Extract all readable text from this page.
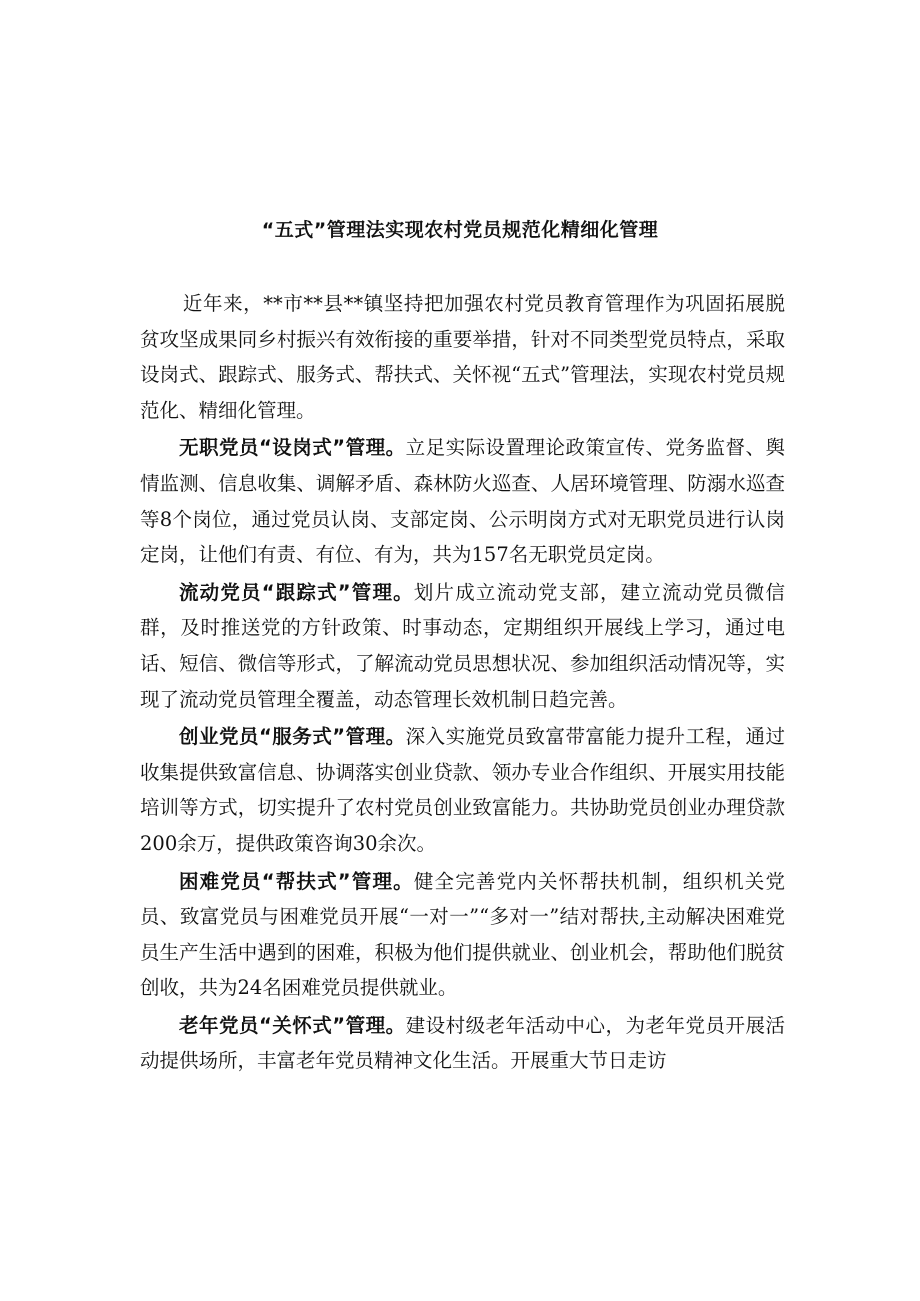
“五式”管理法实现农村党员规范化精细化管理

近年来，**市**县**镇坚持把加强农村党员教育管理作为巩固拓展脱贫攻坚成果同乡村振兴有效衔接的重要举措，针对不同类型党员特点，采取设岗式、跟踪式、服务式、帮扶式、关怀视“五式”管理法，实现农村党员规范化、精细化管理。

无职党员“设岗式”管理。立足实际设置理论政策宣传、党务监督、舆情监测、信息收集、调解矛盾、森林防火巡查、人居环境管理、防溺水巡查等8个岗位，通过党员认岗、支部定岗、公示明岗方式对无职党员进行认岗定岗，让他们有责、有位、有为，共为157名无职党员定岗。

流动党员“跟踪式”管理。划片成立流动党支部，建立流动党员微信群，及时推送党的方针政策、时事动态，定期组织开展线上学习，通过电话、短信、微信等形式，了解流动党员思想状况、参加组织活动情况等，实现了流动党员管理全覆盖，动态管理长效机制日趋完善。

创业党员“服务式”管理。深入实施党员致富带富能力提升工程，通过收集提供致富信息、协调落实创业贷款、领办专业合作组织、开展实用技能培训等方式，切实提升了农村党员创业致富能力。共协助党员创业办理贷款200余万，提供政策咨询30余次。

困难党员“帮扶式”管理。健全完善党内关怀帮扶机制，组织机关党员、致富党员与困难党员开展“一对一”“多对一”结对帮扶,主动解决困难党员生产生活中遇到的困难，积极为他们提供就业、创业机会，帮助他们脱贫创收，共为24名困难党员提供就业。

老年党员“关怀式”管理。建设村级老年活动中心，为老年党员开展活动提供场所，丰富老年党员精神文化生活。开展重大节日走访
